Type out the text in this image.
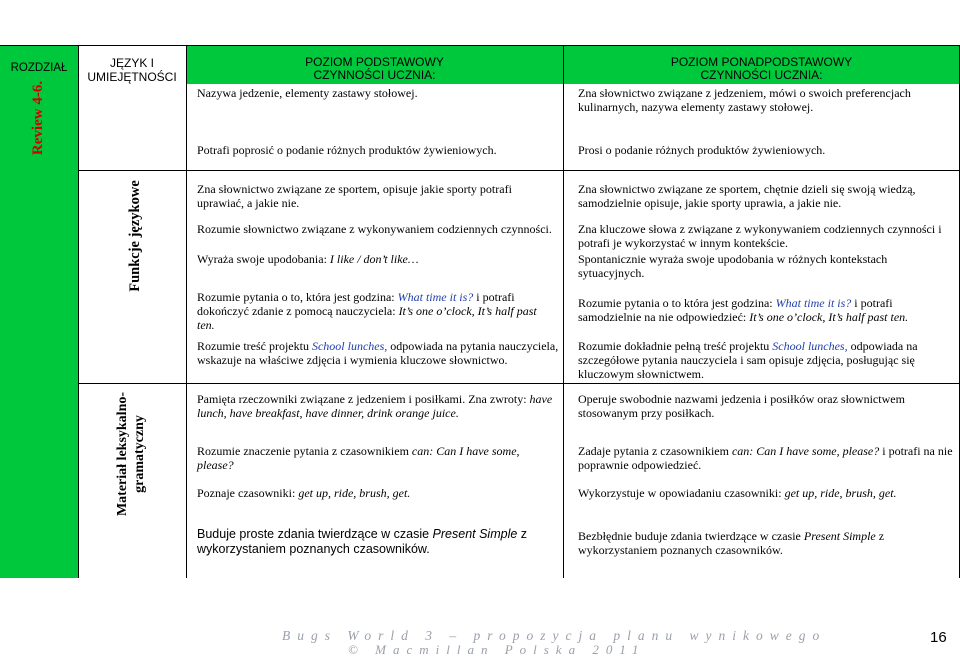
ROZDZIAŁ
Review 4-6.
JĘZYK I
UMIEJĘTNOŚCI
POZIOM PODSTAWOWY
CZYNNOŚCI UCZNIA:
POZIOM PONADPODSTAWOWY
CZYNNOŚCI UCZNIA:
Funkcje językowe
Materiał leksykalno- gramatyczny
Nazywa jedzenie, elementy zastawy stołowej.
Potrafi poprosić o podanie różnych produktów żywieniowych.
Zna słownictwo związane ze sportem, opisuje jakie sporty potrafi uprawiać, a jakie nie.
Rozumie słownictwo związane z wykonywaniem codziennych czynności.
Wyraża swoje upodobania: I like / don’t like…
Rozumie pytania o to, która jest godzina: What time it is? i potrafi dokończyć zdanie z pomocą nauczyciela: It’s one o’clock, It’s half past ten.
Rozumie treść projektu School lunches, odpowiada na pytania nauczyciela, wskazuje na właściwe zdjęcia i wymienia kluczowe słownictwo.
Pamięta rzeczowniki związane z jedzeniem i posiłkami. Zna zwroty: have lunch, have breakfast, have dinner, drink orange juice.
Rozumie znaczenie pytania z czasownikiem can: Can I have some, please?
Poznaje czasowniki: get up, ride, brush, get.
Buduje proste zdania twierdzące w czasie Present Simple z wykorzystaniem poznanych czasowników.
Zna słownictwo związane z jedzeniem, mówi o swoich preferencjach kulinarnych, nazywa elementy zastawy stołowej.
Prosi o podanie różnych produktów żywieniowych.
Zna słownictwo związane ze sportem, chętnie dzieli się swoją wiedzą, samodzielnie opisuje, jakie sporty uprawia, a jakie nie.
Zna kluczowe słowa z związane z wykonywaniem codziennych czynności i potrafi je wykorzystać w innym kontekście.
Spontanicznie wyraża swoje upodobania w różnych kontekstach sytuacyjnych.
Rozumie pytania o to która jest godzina: What time it is? i potrafi samodzielnie na nie odpowiedzieć: It’s one o’clock, It’s half past ten.
Rozumie dokładnie pełną treść projektu School lunches, odpowiada na szczegółowe pytania nauczyciela i sam opisuje zdjęcia, posługując się kluczowym słownictwem.
Operuje swobodnie nazwami jedzenia i posiłków oraz słownictwem stosowanym przy posiłkach.
Zadaje pytania z czasownikiem can: Can I have some, please? i potrafi na nie poprawnie odpowiedzieć.
Wykorzystuje w opowiadaniu czasowniki: get up, ride, brush, get.
Bezbłędnie buduje zdania twierdzące w czasie Present Simple z wykorzystaniem poznanych czasowników.
Bugs World 3 – propozycja planu wynikowego
© Macmillan Polska 2011
16
